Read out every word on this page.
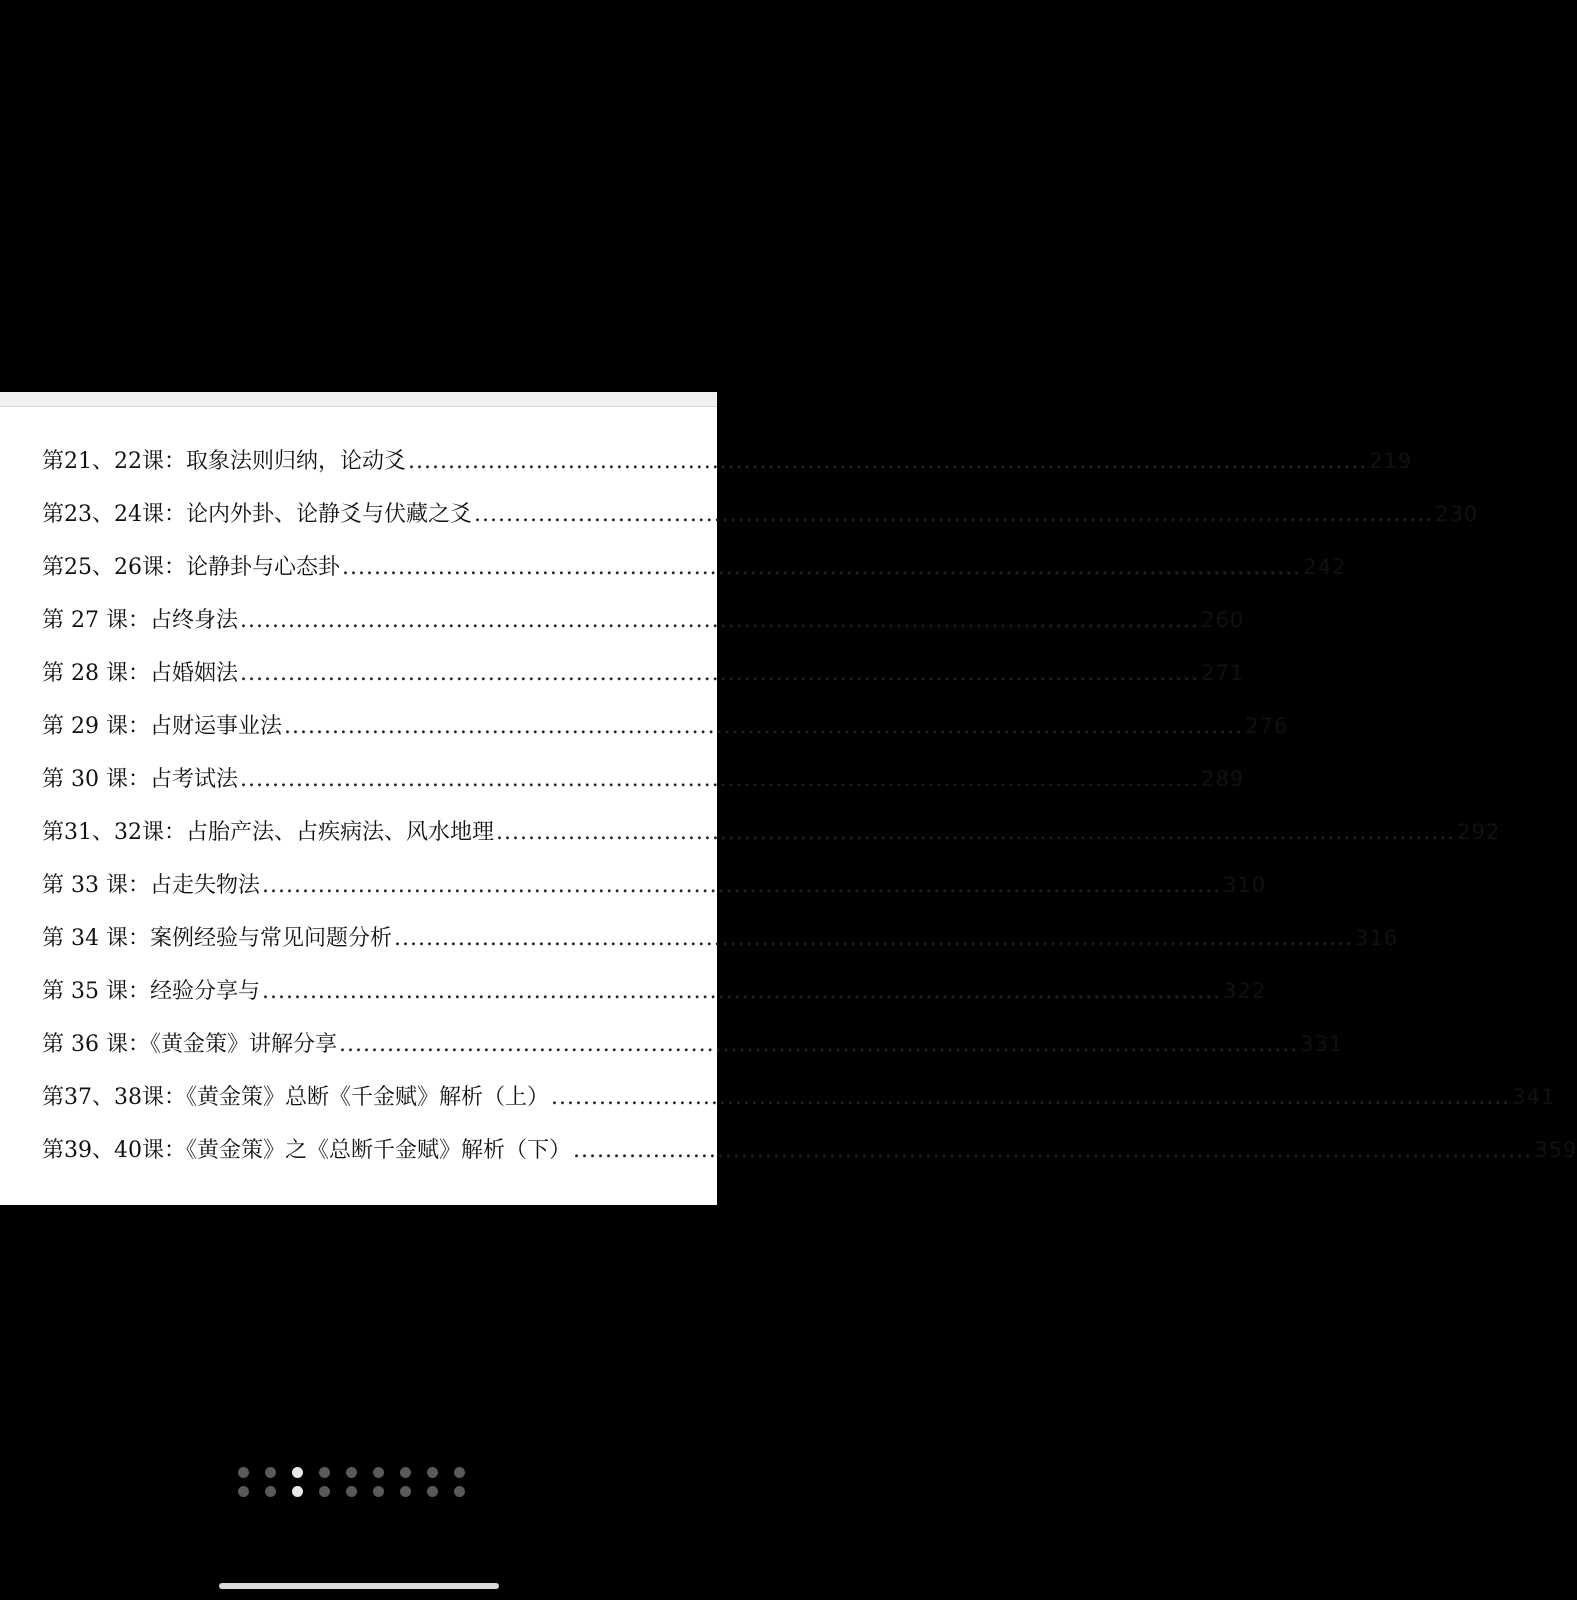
第21、22课：取象法则归纳，论动爻 ........................................................................................................................ 219
第23、24课：论内外卦、论静爻与伏藏之爻 ........................................................................................................................ 230
第25、26课：论静卦与心态卦 ........................................................................................................................ 242
第 27 课：占终身法 ........................................................................................................................ 260
第 28 课：占婚姻法 ........................................................................................................................ 271
第 29 课：占财运事业法 ........................................................................................................................ 276
第 30 课：占考试法 ........................................................................................................................ 289
第31、32课：占胎产法、占疾病法、风水地理 ........................................................................................................................ 292
第 33 课：占走失物法 ........................................................................................................................ 310
第 34 课：案例经验与常见问题分析 ........................................................................................................................ 316
第 35 课：经验分享与 ........................................................................................................................ 322
第 36 课：《黄金策》讲解分享 ........................................................................................................................ 331
第37、38课：《黄金策》总断《千金赋》解析（上） ........................................................................................................................ 341
第39、40课：《黄金策》之《总断千金赋》解析（下） ........................................................................................................................ 359
